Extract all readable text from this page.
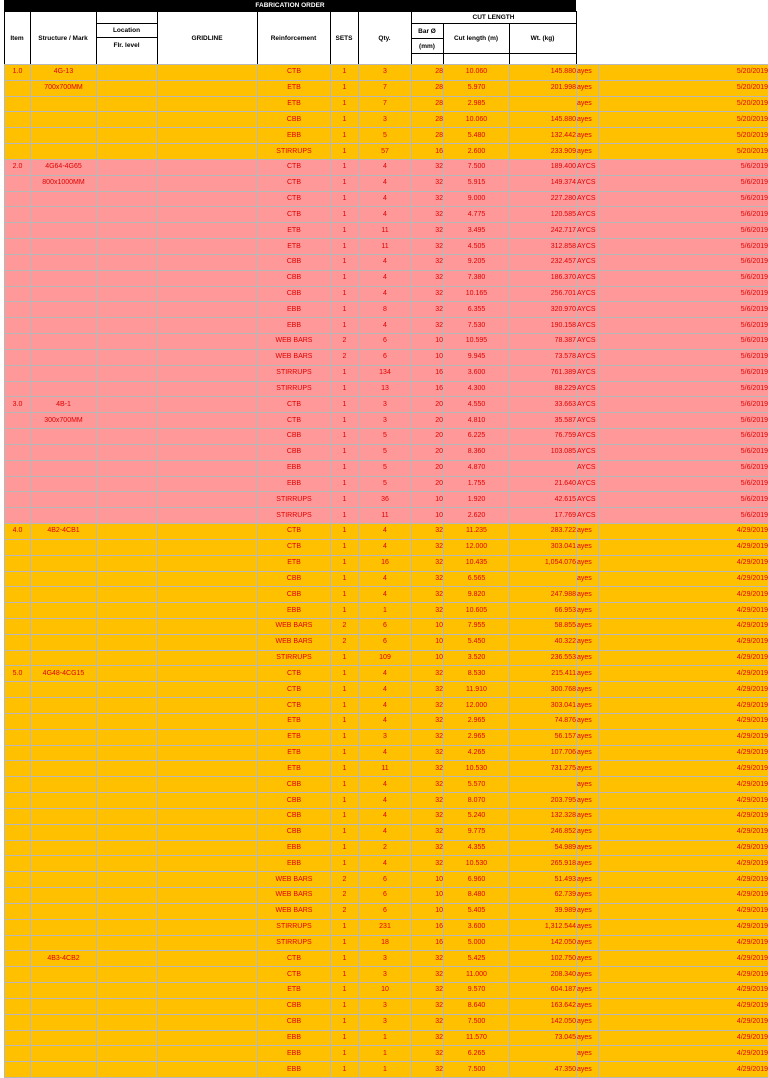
FABRICATION ORDER
Item	Structure / Mark
Location
Flr. level
GRIDLINE	Reinforcement	SETS	Qty.
CUT LENGTH
Bar Ø
(mm)
Cut length (m)	Wt. (kg)
1.0	4G-13			CTB	1	3	28	10.060	145.880	ayes	5/20/2019
	700x700MM			ETB	1	7	28	5.970	201.998	ayes	5/20/2019
				ETB	1	7	28	2.985		ayes	5/20/2019
				CBB	1	3	28	10.060	145.880	ayes	5/20/2019
				EBB	1	5	28	5.480	132.442	ayes	5/20/2019
				STIRRUPS	1	57	16	2.600	233.909	ayes	5/20/2019
2.0	4G64-4G65			CTB	1	4	32	7.500	189.400	AYCS	5/6/2019
	800x1000MM			CTB	1	4	32	5.915	149.374	AYCS	5/6/2019
				CTB	1	4	32	9.000	227.280	AYCS	5/6/2019
				CTB	1	4	32	4.775	120.585	AYCS	5/6/2019
				ETB	1	11	32	3.495	242.717	AYCS	5/6/2019
				ETB	1	11	32	4.505	312.858	AYCS	5/6/2019
				CBB	1	4	32	9.205	232.457	AYCS	5/6/2019
				CBB	1	4	32	7.380	186.370	AYCS	5/6/2019
				CBB	1	4	32	10.165	256.701	AYCS	5/6/2019
				EBB	1	8	32	6.355	320.970	AYCS	5/6/2019
				EBB	1	4	32	7.530	190.158	AYCS	5/6/2019
				WEB BARS	2	6	10	10.595	78.387	AYCS	5/6/2019
				WEB BARS	2	6	10	9.945	73.578	AYCS	5/6/2019
				STIRRUPS	1	134	16	3.600	761.389	AYCS	5/6/2019
				STIRRUPS	1	13	16	4.300	88.229	AYCS	5/6/2019
3.0	4B-1			CTB	1	3	20	4.550	33.663	AYCS	5/6/2019
	300x700MM			CTB	1	3	20	4.810	35.587	AYCS	5/6/2019
				CBB	1	5	20	6.225	76.759	AYCS	5/6/2019
				CBB	1	5	20	8.360	103.085	AYCS	5/6/2019
				EBB	1	5	20	4.870		AYCS	5/6/2019
				EBB	1	5	20	1.755	21.640	AYCS	5/6/2019
				STIRRUPS	1	36	10	1.920	42.615	AYCS	5/6/2019
				STIRRUPS	1	11	10	2.620	17.769	AYCS	5/6/2019
4.0	4B2-4CB1			CTB	1	4	32	11.235	283.722	ayes	4/29/2019
				CTB	1	4	32	12.000	303.041	ayes	4/29/2019
				ETB	1	16	32	10.435	1,054.076	ayes	4/29/2019
				CBB	1	4	32	6.565		ayes	4/29/2019
				CBB	1	4	32	9.820	247.988	ayes	4/29/2019
				EBB	1	1	32	10.605	66.953	ayes	4/29/2019
				WEB BARS	2	6	10	7.955	58.855	ayes	4/29/2019
				WEB BARS	2	6	10	5.450	40.322	ayes	4/29/2019
				STIRRUPS	1	109	10	3.520	236.553	ayes	4/29/2019
5.0	4G48-4CG15			CTB	1	4	32	8.530	215.411	ayes	4/29/2019
				CTB	1	4	32	11.910	300.768	ayes	4/29/2019
				CTB	1	4	32	12.000	303.041	ayes	4/29/2019
				ETB	1	4	32	2.965	74.876	ayes	4/29/2019
				ETB	1	3	32	2.965	56.157	ayes	4/29/2019
				ETB	1	4	32	4.265	107.706	ayes	4/29/2019
				ETB	1	11	32	10.530	731.275	ayes	4/29/2019
				CBB	1	4	32	5.570		ayes	4/29/2019
				CBB	1	4	32	8.070	203.795	ayes	4/29/2019
				CBB	1	4	32	5.240	132.328	ayes	4/29/2019
				CBB	1	4	32	9.775	246.852	ayes	4/29/2019
				EBB	1	2	32	4.355	54.989	ayes	4/29/2019
				EBB	1	4	32	10.530	265.918	ayes	4/29/2019
				WEB BARS	2	6	10	6.960	51.493	ayes	4/29/2019
				WEB BARS	2	6	10	8.480	62.739	ayes	4/29/2019
				WEB BARS	2	6	10	5.405	39.989	ayes	4/29/2019
				STIRRUPS	1	231	16	3.600	1,312.544	ayes	4/29/2019
				STIRRUPS	1	18	16	5.000	142.050	ayes	4/29/2019
	4B3-4CB2			CTB	1	3	32	5.425	102.750	ayes	4/29/2019
				CTB	1	3	32	11.000	208.340	ayes	4/29/2019
				ETB	1	10	32	9.570	604.187	ayes	4/29/2019
				CBB	1	3	32	8.640	163.642	ayes	4/29/2019
				CBB	1	3	32	7.500	142.050	ayes	4/29/2019
				EBB	1	1	32	11.570	73.045	ayes	4/29/2019
				EBB	1	1	32	6.265		ayes	4/29/2019
				EBB	1	1	32	7.500	47.350	ayes	4/29/2019
